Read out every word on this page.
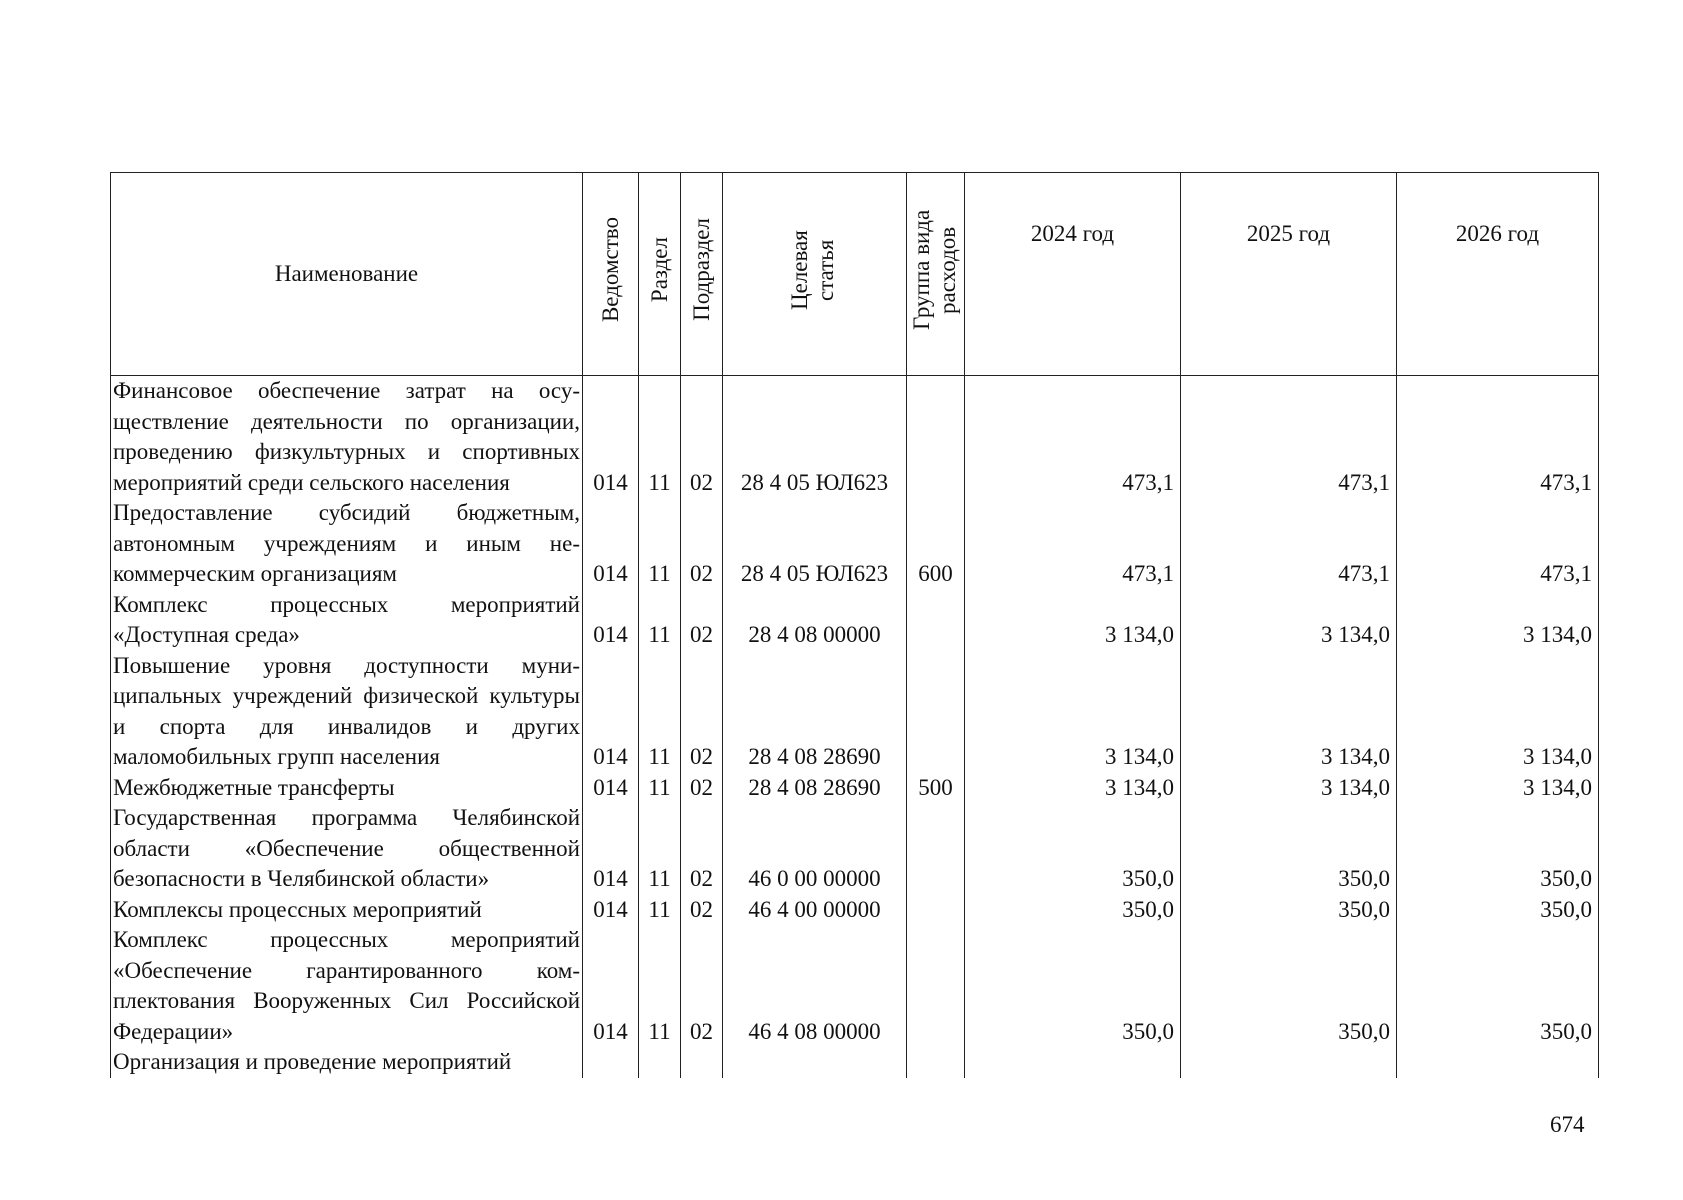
Наименование	Ведомство	Раздел	Подраздел	Целевая статья	Группа вида расходов	2024 год	2025 год	2026 год
Финансовое обеспечение затрат на осуществление деятельности по организации, проведению физкультурных и спортивных мероприятий среди сельского населения	014	11	02	28 4 05 ЮЛ623		473,1	473,1	473,1
Предоставление субсидий бюджетным, автономным учреждениям и иным некоммерческим организациям	014	11	02	28 4 05 ЮЛ623	600	473,1	473,1	473,1
Комплекс процессных мероприятий «Доступная среда»	014	11	02	28 4 08 00000		3 134,0	3 134,0	3 134,0
Повышение уровня доступности муниципальных учреждений физической культуры и спорта для инвалидов и других маломобильных групп населения	014	11	02	28 4 08 28690		3 134,0	3 134,0	3 134,0
Межбюджетные трансферты	014	11	02	28 4 08 28690	500	3 134,0	3 134,0	3 134,0
Государственная программа Челябинской области «Обеспечение общественной безопасности в Челябинской области»	014	11	02	46 0 00 00000		350,0	350,0	350,0
Комплексы процессных мероприятий	014	11	02	46 4 00 00000		350,0	350,0	350,0
Комплекс процессных мероприятий «Обеспечение гарантированного комплектования Вооруженных Сил Российской Федерации»	014	11	02	46 4 08 00000		350,0	350,0	350,0
Организация и проведение мероприятий								
674
